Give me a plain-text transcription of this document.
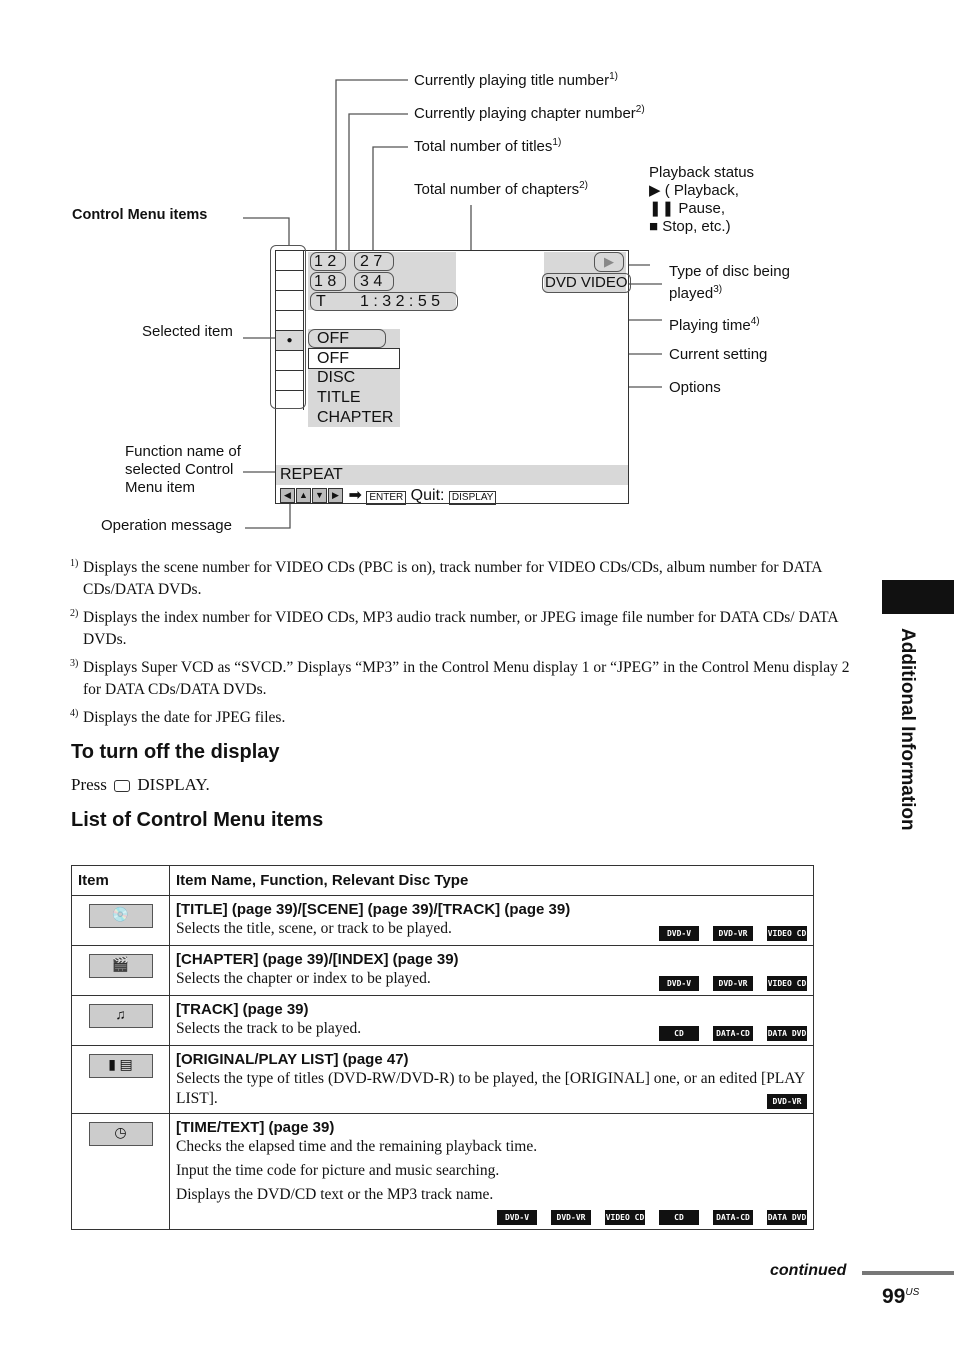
Currently playing title number$^{1)}$
Currently playing chapter number$^{2)}$
Total number of titles$^{1)}$
Total number of chapters$^{2)}$
Control Menu items
Playback status
▶ ( Playback,
❚❚ Pause,
■ Stop, etc.)
Type of disc being
played$^{3)}$
Playing time$^{4)}$
Current setting
Options
Selected item
Function name of
selected Control
Menu item
Operation message
●
1 2 2 7
1 8 3 4
T 1 : 3 2 : 5 5
▶
DVD VIDEO
OFF
OFF
DISC
TITLE
CHAPTER
REPEAT
◀ ▲ ▼ ▶ ➡ ENTER Quit: DISPLAY
1) Displays the scene number for VIDEO CDs (PBC is on), track number for VIDEO CDs/CDs, album number for DATA CDs/DATA DVDs.
2) Displays the index number for VIDEO CDs, MP3 audio track number, or JPEG image file number for DATA CDs/ DATA DVDs.
3) Displays Super VCD as “SVCD.” Displays “MP3” in the Control Menu display 1 or “JPEG” in the Control Menu display 2 for DATA CDs/DATA DVDs.
4) Displays the date for JPEG files.
To turn off the display
Press DISPLAY.
List of Control Menu items
Item	Item Name, Function, Relevant Disc Type

💿	[TITLE] (page 39)/[SCENE] (page 39)/[TRACK] (page 39)
Selects the title, scene, or track to be played. DVD-V DVD-VR VIDEO CD

🎬	[CHAPTER] (page 39)/[INDEX] (page 39)
Selects the chapter or index to be played. DVD-V DVD-VR VIDEO CD

♫	[TRACK] (page 39)
Selects the track to be played. CD DATA-CD DATA DVD

▮ ▤	[ORIGINAL/PLAY LIST] (page 47)
Selects the type of titles (DVD-RW/DVD-R) to be played, the [ORIGINAL] one, or an edited [PLAY LIST]. DVD-VR

◷	[TIME/TEXT] (page 39)
Checks the elapsed time and the remaining playback time.
Input the time code for picture and music searching.
Displays the DVD/CD text or the MP3 track name.
DVD-V DVD-VR VIDEO CD CD DATA-CD DATA DVD
Additional Information
continued
$99^{US}$
